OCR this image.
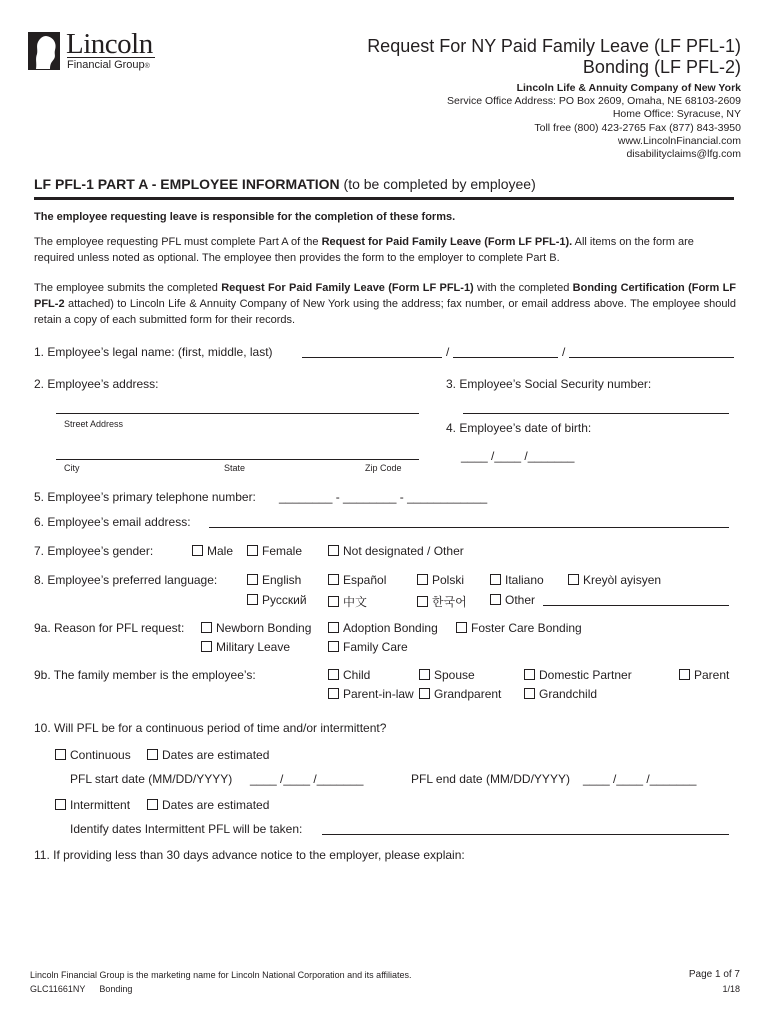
Lincoln
Financial Group®
Request For NY Paid Family Leave (LF PFL-1)
Bonding (LF PFL-2)
Lincoln Life & Annuity Company of New York
Service Office Address: PO Box 2609, Omaha, NE 68103-2609
Home Office: Syracuse, NY
Toll free (800) 423-2765 Fax (877) 843-3950
www.LincolnFinancial.com
disabilityclaims@lfg.com
LF PFL-1 PART A - EMPLOYEE INFORMATION (to be completed by employee)
The employee requesting leave is responsible for the completion of these forms.
The employee requesting PFL must complete Part A of the Request for Paid Family Leave (Form LF PFL-1). All items on the form are required unless noted as optional. The employee then provides the form to the employer to complete Part B.
The employee submits the completed Request For Paid Family Leave (Form LF PFL-1) with the completed Bonding Certification (Form LF PFL-2 attached) to Lincoln Life & Annuity Company of New York using the address; fax number, or email address above. The employee should retain a copy of each submitted form for their records.
1. Employee’s legal name: (first, middle, last)	/	/
2. Employee’s address:	3. Employee’s Social Security number:
Street Address	4. Employee’s date of birth:
____ /____ /_______
City	State	Zip Code
5. Employee’s primary telephone number: ________ - ________ - ____________
6. Employee’s email address:
7. Employee’s gender:	Male	Female	Not designated / Other
8. Employee’s preferred language:	English	Español	Polski	Italiano	Kreyòl ayisyen
Русский	中文	한국어	Other
9a. Reason for PFL request:	Newborn Bonding	Adoption Bonding	Foster Care Bonding
Military Leave	Family Care
9b. The family member is the employee’s:	Child	Spouse	Domestic Partner	Parent
Parent-in-law	Grandparent	Grandchild
10. Will PFL be for a continuous period of time and/or intermittent?
Continuous	Dates are estimated
PFL start date (MM/DD/YYYY) ____ /____ /_______	PFL end date (MM/DD/YYYY) ____ /____ /_______
Intermittent	Dates are estimated
Identify dates Intermittent PFL will be taken:
11. If providing less than 30 days advance notice to the employer, please explain:
Lincoln Financial Group is the marketing name for Lincoln National Corporation and its affiliates.
GLC11661NY Bonding
Page 1 of 7
1/18
